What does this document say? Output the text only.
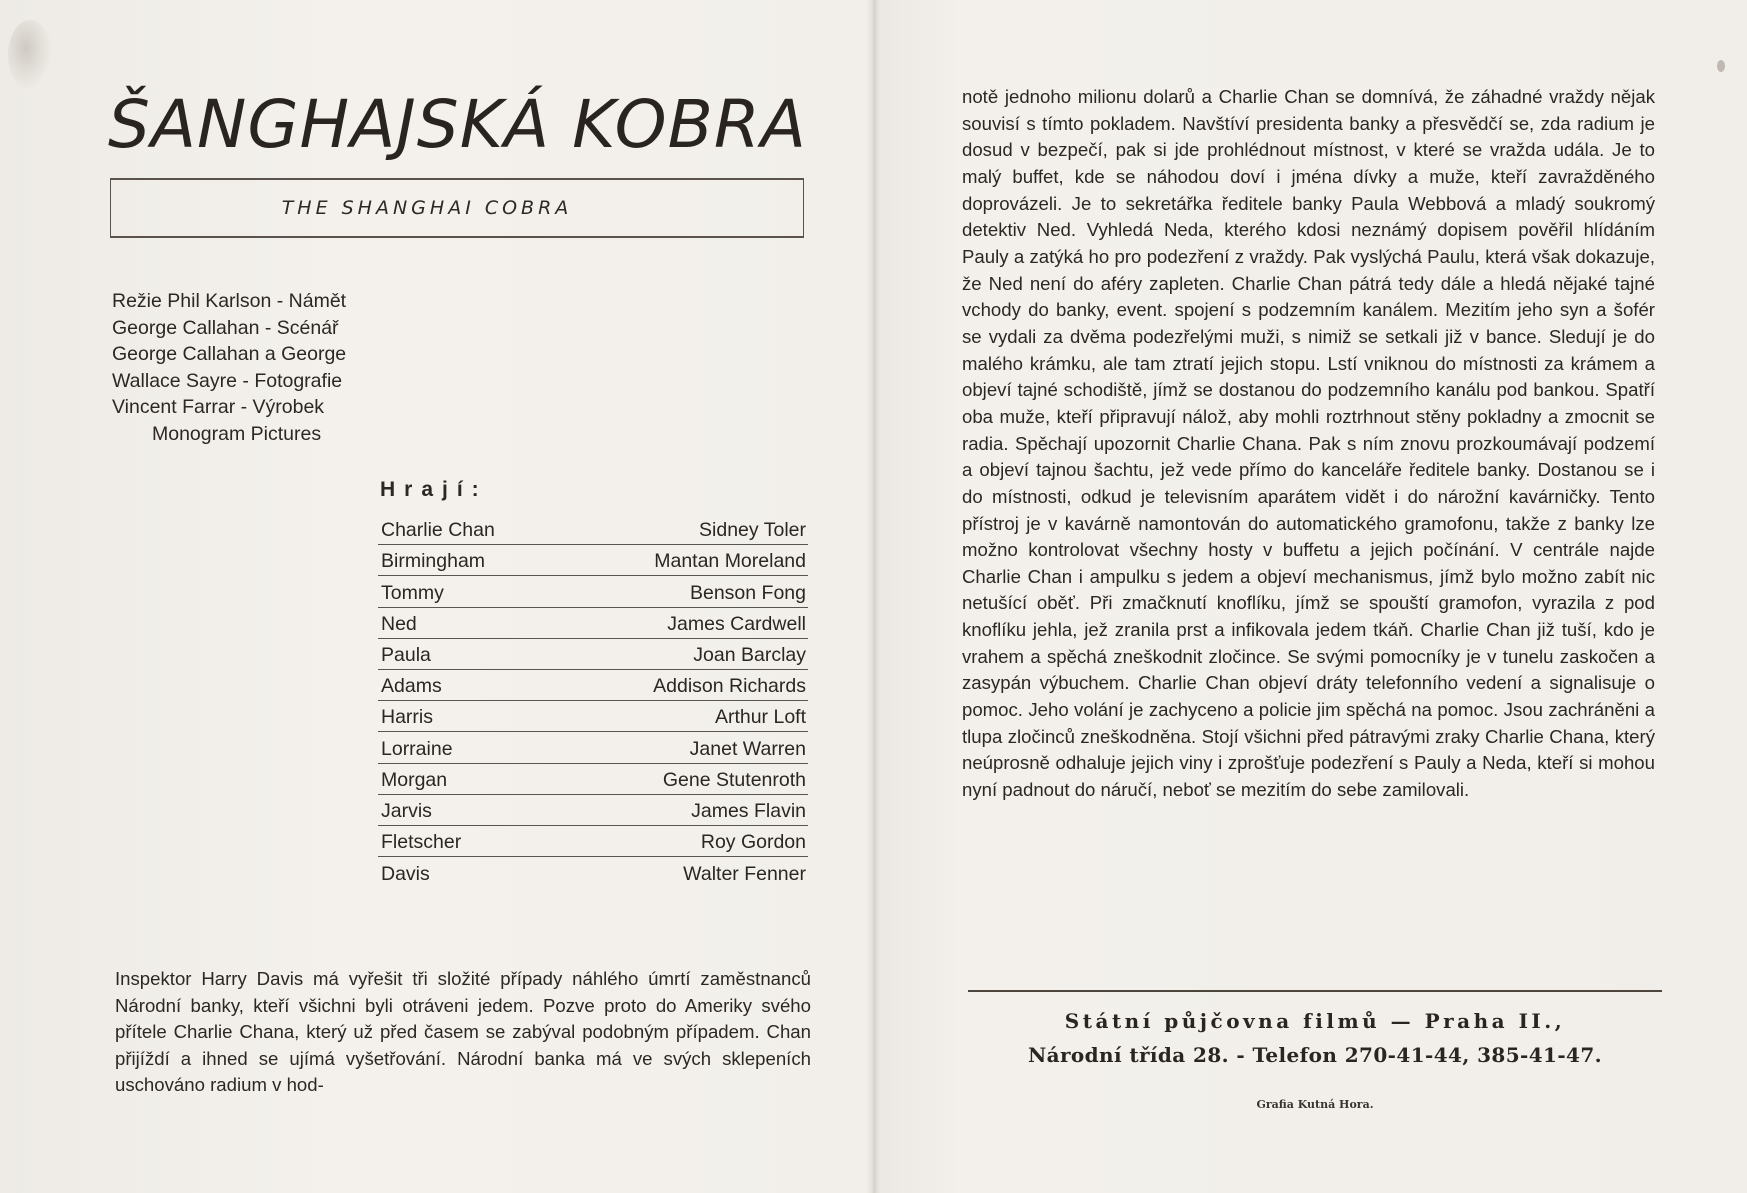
ŠANGHAJSKÁ KOBRA
THE SHANGHAI COBRA
Režie Phil Karlson - Námět
George Callahan - Scénář
George Callahan a George
Wallace Sayre - Fotografie
Vincent Farrar - Výrobek

Monogram Pictures
Hrají:
Charlie Chan	Sidney Toler
Birmingham	Mantan Moreland
Tommy	Benson Fong
Ned	James Cardwell
Paula	Joan Barclay
Adams	Addison Richards
Harris	Arthur Loft
Lorraine	Janet Warren
Morgan	Gene Stutenroth
Jarvis	James Flavin
Fletscher	Roy Gordon
Davis	Walter Fenner

Inspektor Harry Davis má vyřešit tři složité případy náhlého úmrtí zaměstnanců Národní banky, kteří všichni byli otráveni jedem. Pozve proto do Ameriky svého přítele Charlie Chana, který už před časem se zabýval podobným případem. Chan přijíždí a ihned se ujímá vyšetřování. Národní banka má ve svých sklepeních uschováno radium v hod-

notě jednoho milionu dolarů a Charlie Chan se domnívá, že záhadné vraždy nějak souvisí s tímto pokladem. Navštíví presidenta banky a přesvědčí se, zda radium je dosud v bezpečí, pak si jde prohlédnout místnost, v které se vražda udála. Je to malý buffet, kde se náhodou doví i jména dívky a muže, kteří zavražděného doprovázeli. Je to sekretářka ředitele banky Paula Webbová a mladý soukromý detektiv Ned. Vyhledá Neda, kterého kdosi neznámý dopisem pověřil hlídáním Pauly a zatýká ho pro podezření z vraždy. Pak vyslýchá Paulu, která však dokazuje, že Ned není do aféry zapleten. Charlie Chan pátrá tedy dále a hledá nějaké tajné vchody do banky, event. spojení s podzemním kanálem. Mezitím jeho syn a šofér se vydali za dvěma podezřelými muži, s nimiž se setkali již v bance. Sledují je do malého krámku, ale tam ztratí jejich stopu. Lstí vniknou do místnosti za krámem a objeví tajné schodiště, jímž se dostanou do podzemního kanálu pod bankou. Spatří oba muže, kteří připravují nálož, aby mohli roztrhnout stěny pokladny a zmocnit se radia. Spěchají upozornit Charlie Chana. Pak s ním znovu prozkoumávají podzemí a objeví tajnou šachtu, jež vede přímo do kanceláře ředitele banky. Dostanou se i do místnosti, odkud je televisním aparátem vidět i do nárožní kavárničky. Tento přístroj je v kavárně namontován do automatického gramofonu, takže z banky lze možno kontrolovat všechny hosty v buffetu a jejich počínání. V centrále najde Charlie Chan i ampulku s jedem a objeví mechanismus, jímž bylo možno zabít nic netušící oběť. Při zmačknutí knoflíku, jímž se spouští gramofon, vyrazila z pod knoflíku jehla, jež zranila prst a infikovala jedem tkáň. Charlie Chan již tuší, kdo je vrahem a spěchá zneškodnit zločince. Se svými pomocníky je v tunelu zaskočen a zasypán výbuchem. Charlie Chan objeví dráty telefonního vedení a signalisuje o pomoc. Jeho volání je zachyceno a policie jim spěchá na pomoc. Jsou zachráněni a tlupa zločinců zneškodněna. Stojí všichni před pátravými zraky Charlie Chana, který neúprosně odhaluje jejich viny i zprošťuje podezření s Pauly a Neda, kteří si mohou nyní padnout do náručí, neboť se mezitím do sebe zamilovali.

Státní půjčovna filmů — Praha II.,
Národní třída 28. - Telefon 270-41-44, 385-41-47.
Grafia Kutná Hora.
